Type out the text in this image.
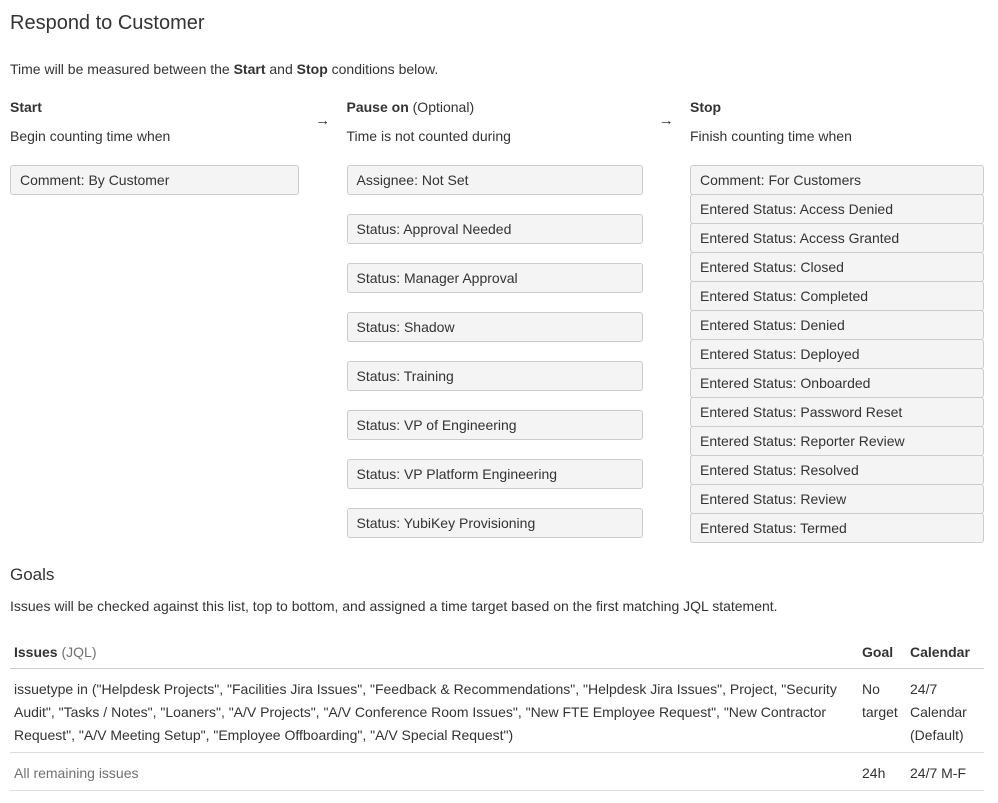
Respond to Customer

Time will be measured between the Start and Stop conditions below.

Start
Begin counting time when
Comment: By Customer
→
Pause on (Optional)
Time is not counted during
Assignee: Not Set
Status: Approval Needed
Status: Manager Approval
Status: Shadow
Status: Training
Status: VP of Engineering
Status: VP Platform Engineering
Status: YubiKey Provisioning
→
Stop
Finish counting time when
Comment: For Customers
Entered Status: Access Denied
Entered Status: Access Granted
Entered Status: Closed
Entered Status: Completed
Entered Status: Denied
Entered Status: Deployed
Entered Status: Onboarded
Entered Status: Password Reset
Entered Status: Reporter Review
Entered Status: Resolved
Entered Status: Review
Entered Status: Termed
Goals

Issues will be checked against this list, top to bottom, and assigned a time target based on the first matching JQL statement.

Issues (JQL)	Goal	Calendar
issuetype in ("Helpdesk Projects", "Facilities Jira Issues", "Feedback & Recommendations", "Helpdesk Jira Issues", Project, "Security Audit", "Tasks / Notes", "Loaners", "A/V Projects", "A/V Conference Room Issues", "New FTE Employee Request", "New Contractor Request", "A/V Meeting Setup", "Employee Offboarding", "A/V Special Request")	No target	24/7 Calendar (Default)
All remaining issues	24h	24/7 M-F
